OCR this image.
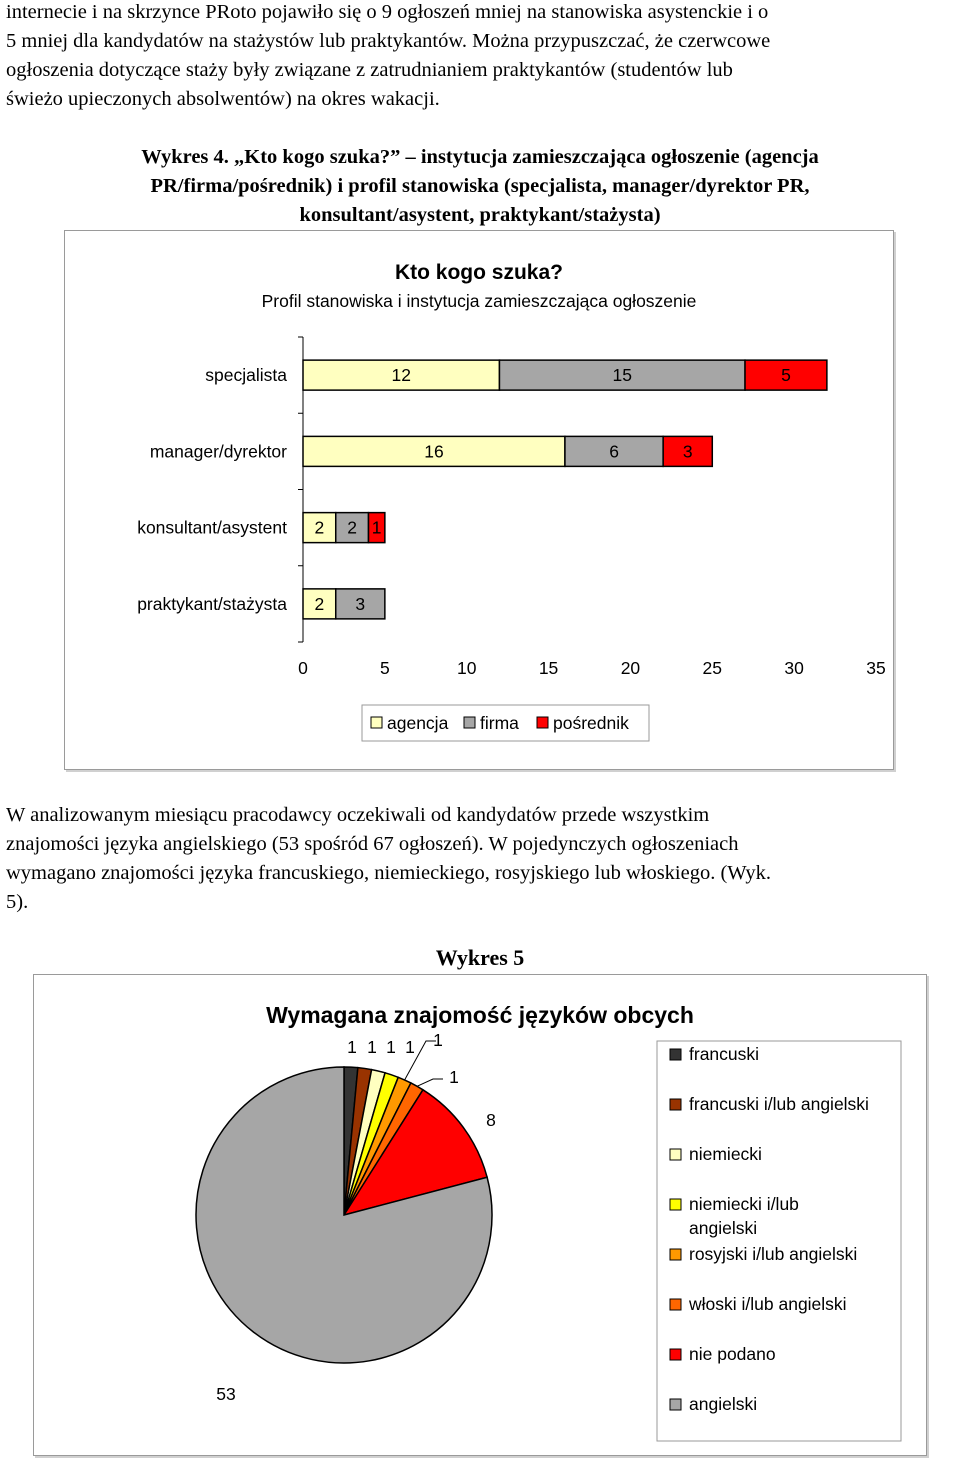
internecie i na skrzynce PRoto pojawiło się o 9 ogłoszeń mniej na stanowiska asystenckie i o
5 mniej dla kandydatów na stażystów lub praktykantów. Można przypuszczać, że czerwcowe
ogłoszenia dotyczące staży były związane z zatrudnianiem praktykantów (studentów lub
świeżo upieczonych absolwentów) na okres wakacji.
Wykres 4. „Kto kogo szuka?” – instytucja zamieszczająca ogłoszenie (agencja
PR/firma/pośrednik) i profil stanowiska (specjalista, manager/dyrektor PR,
konsultant/asystent, praktykant/stażysta)
Kto kogo szuka?
Profil stanowiska i instytucja zamieszczająca ogłoszenie
specjalista	12	15	5
manager/dyrektor	16	6	3
konsultant/asystent 2 2 1
praktykant/stażysta 2 3
0	5	10	15	20	25	30	35
agencja firma pośrednik
W analizowanym miesiącu pracodawcy oczekiwali od kandydatów przede wszystkim
znajomości języka angielskiego (53 spośród 67 ogłoszeń). W pojedynczych ogłoszeniach
wymagano znajomości języka francuskiego, niemieckiego, rosyjskiego lub włoskiego. (Wyk.
5).
Wykres 5
Wymagana znajomość języków obcych
1 1 1 1 1
1
8
53
francuski
francuski i/lub angielski
niemiecki
niemiecki i/lub
angielski
rosyjski i/lub angielski
włoski i/lub angielski
nie podano
angielski
